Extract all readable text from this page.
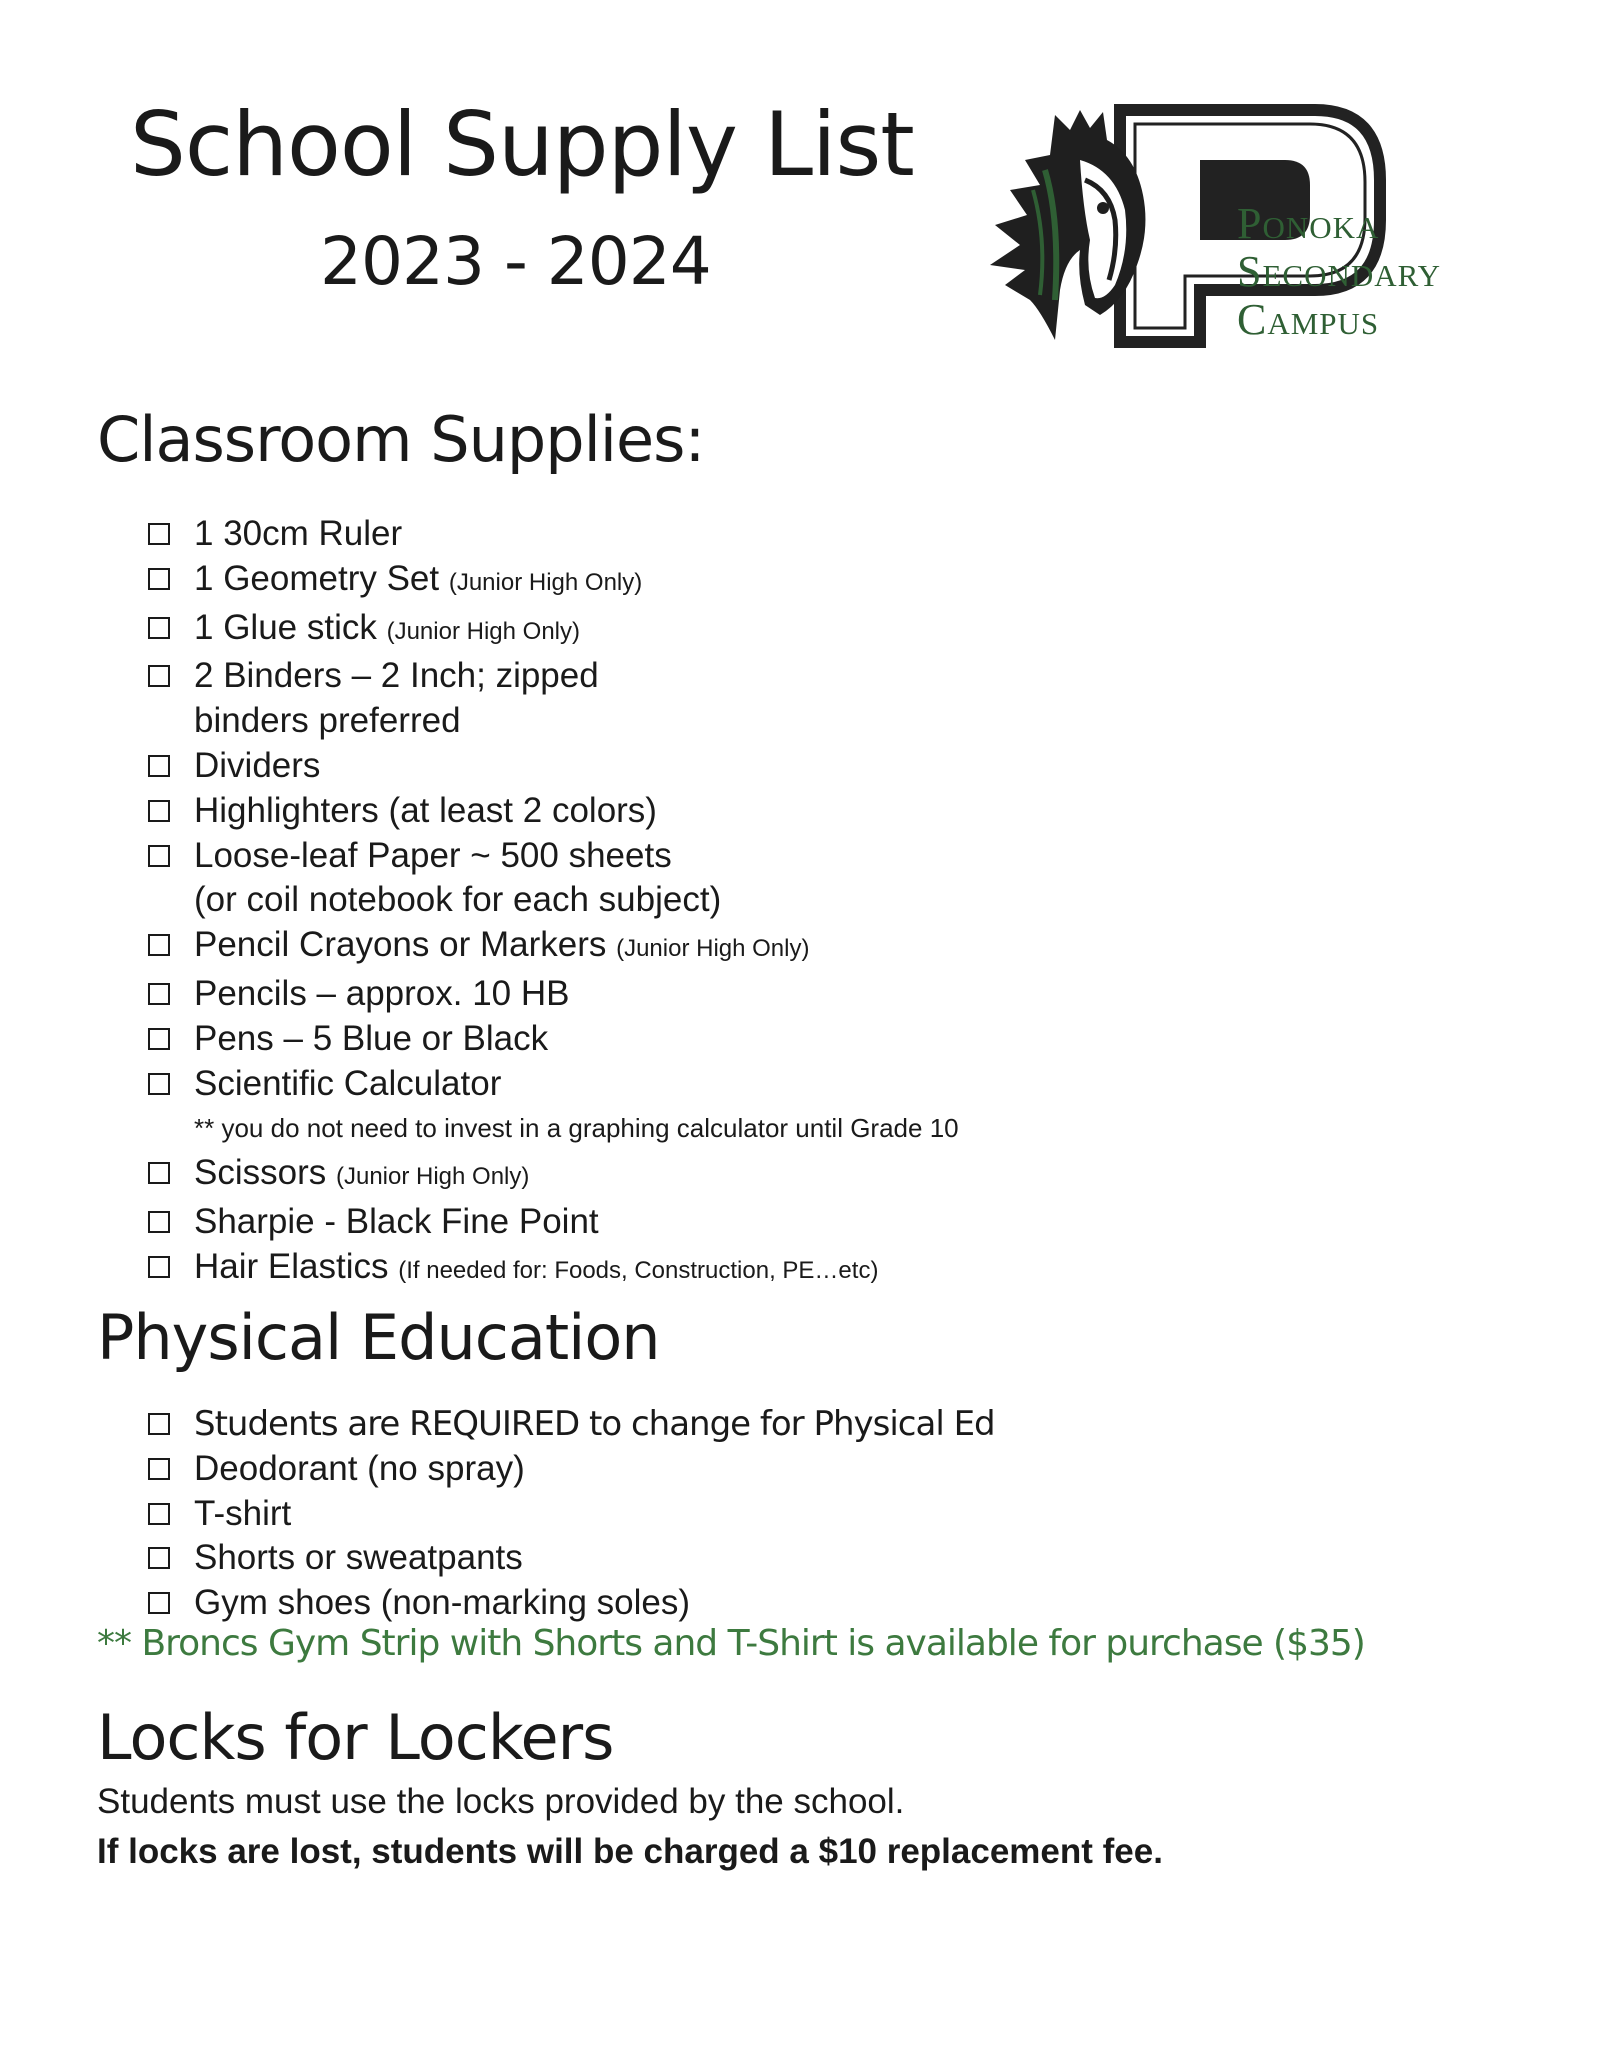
School Supply List
2023 - 2024	Ponoka
Secondary
Campus
Classroom Supplies:
1 30cm Ruler
1 Geometry Set (Junior High Only)
1 Glue stick (Junior High Only)
2 Binders – 2 Inch; zipped
binders preferred
Dividers
Highlighters (at least 2 colors)
Loose-leaf Paper ~ 500 sheets
(or coil notebook for each subject)
Pencil Crayons or Markers (Junior High Only)
Pencils – approx. 10 HB
Pens – 5 Blue or Black
Scientific Calculator
** you do not need to invest in a graphing calculator until Grade 10
Scissors (Junior High Only)
Sharpie - Black Fine Point
Hair Elastics (If needed for: Foods, Construction, PE…etc)
Physical Education
Students are REQUIRED to change for Physical Ed
Deodorant (no spray)
T-shirt
Shorts or sweatpants
Gym shoes (non-marking soles)
** Broncs Gym Strip with Shorts and T-Shirt is available for purchase ($35)
Locks for Lockers
Students must use the locks provided by the school.
If locks are lost, students will be charged a $10 replacement fee.
